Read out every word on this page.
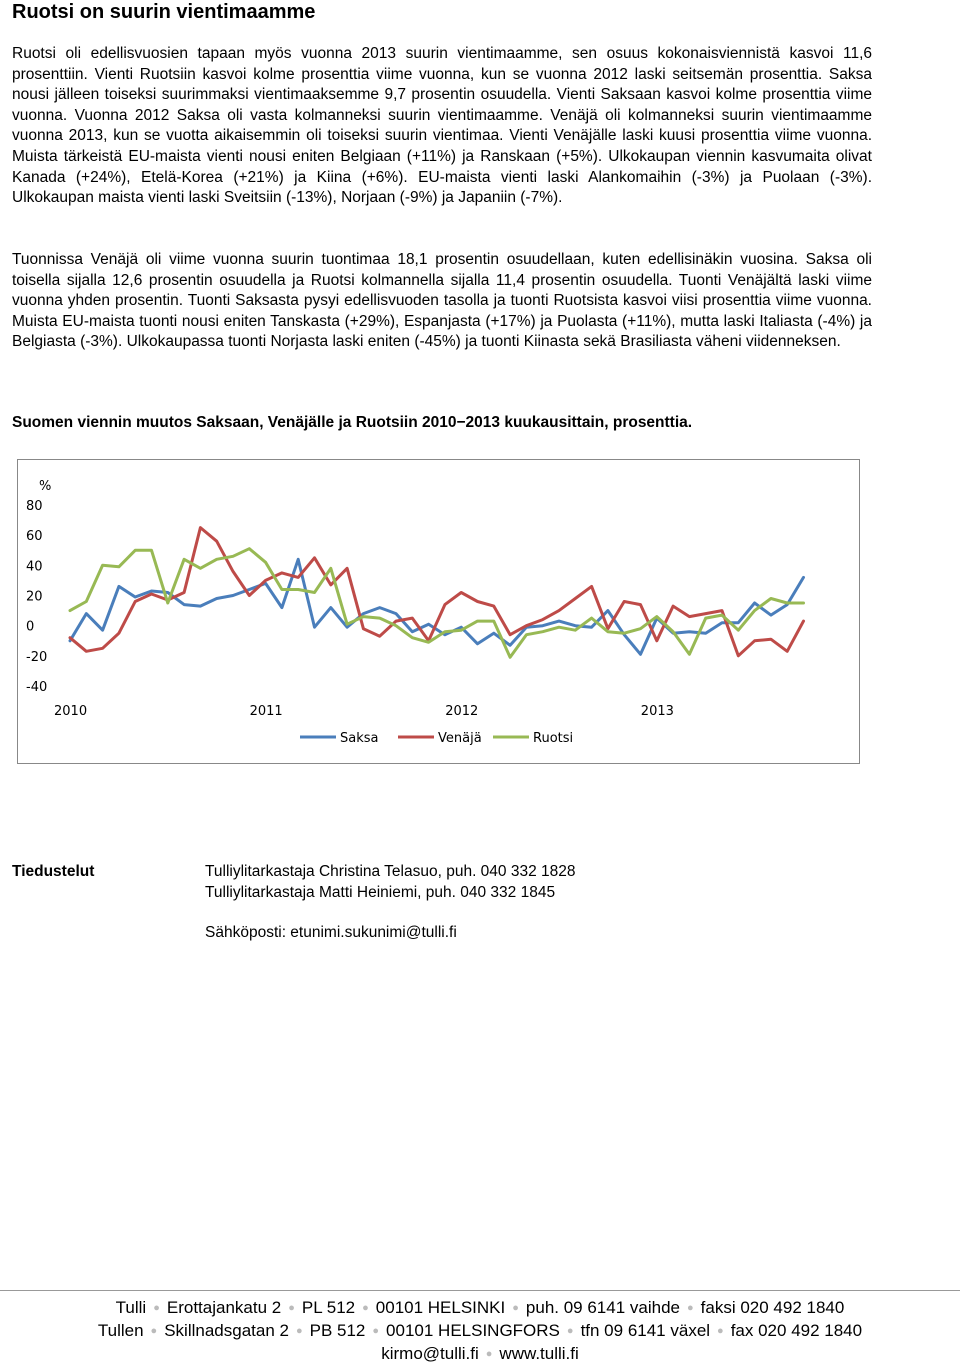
Ruotsi on suurin vientimaamme
Ruotsi oli edellisvuosien tapaan myös vuonna 2013 suurin vientimaamme, sen osuus kokonaisviennistä kasvoi 11,6 prosenttiin. Vienti Ruotsiin kasvoi kolme prosenttia viime vuonna, kun se vuonna 2012 laski seitsemän prosenttia. Saksa nousi jälleen toiseksi suurimmaksi vientimaaksemme 9,7 prosentin osuudella. Vienti Saksaan kasvoi kolme prosenttia viime vuonna. Vuonna 2012 Saksa oli vasta kolmanneksi suurin vientimaamme. Venäjä oli kolmanneksi suurin vientimaamme vuonna 2013, kun se vuotta aikaisemmin oli toiseksi suurin vientimaa. Vienti Venäjälle laski kuusi prosenttia viime vuonna. Muista tärkeistä EU-maista vienti nousi eniten Belgiaan (+11%) ja Ranskaan (+5%). Ulkokaupan viennin kasvumaita olivat Kanada (+24%), Etelä-Korea (+21%) ja Kiina (+6%). EU-maista vienti laski Alankomaihin (-3%) ja Puolaan (-3%). Ulkokaupan maista vienti laski Sveitsiin (-13%), Norjaan (-9%) ja Japaniin (-7%).
Tuonnissa Venäjä oli viime vuonna suurin tuontimaa 18,1 prosentin osuudellaan, kuten edellisinäkin vuosina. Saksa oli toisella sijalla 12,6 prosentin osuudella ja Ruotsi kolmannella sijalla 11,4 prosentin osuudella. Tuonti Venäjältä laski viime vuonna yhden prosentin. Tuonti Saksasta pysyi edellisvuoden tasolla ja tuonti Ruotsista kasvoi viisi prosenttia viime vuonna. Muista EU-maista tuonti nousi eniten Tanskasta (+29%), Espanjasta (+17%) ja Puolasta (+11%), mutta laski Italiasta (-4%) ja Belgiasta (-3%). Ulkokaupassa tuonti Norjasta laski eniten (-45%) ja tuonti Kiinasta sekä Brasiliasta väheni viidenneksen.
Suomen viennin muutos Saksaan, Venäjälle ja Ruotsiin 2010−2013 kuukausittain, prosenttia.
%
80
60
40
20
0
-20
-40
2010	2011	2012	2013
Saksa	Venäjä	Ruotsi
Tiedustelut	Tulliylitarkastaja Christina Telasuo, puh. 040 332 1828
Tulliylitarkastaja Matti Heiniemi, puh. 040 332 1845
Sähköposti: etunimi.sukunimi@tulli.fi
Tulli ● Erottajankatu 2 ● PL 512 ● 00101 HELSINKI ● puh. 09 6141 vaihde ● faksi 020 492 1840
Tullen ● Skillnadsgatan 2 ● PB 512 ● 00101 HELSINGFORS ● tfn 09 6141 växel ● fax 020 492 1840
kirmo@tulli.fi ● www.tulli.fi
